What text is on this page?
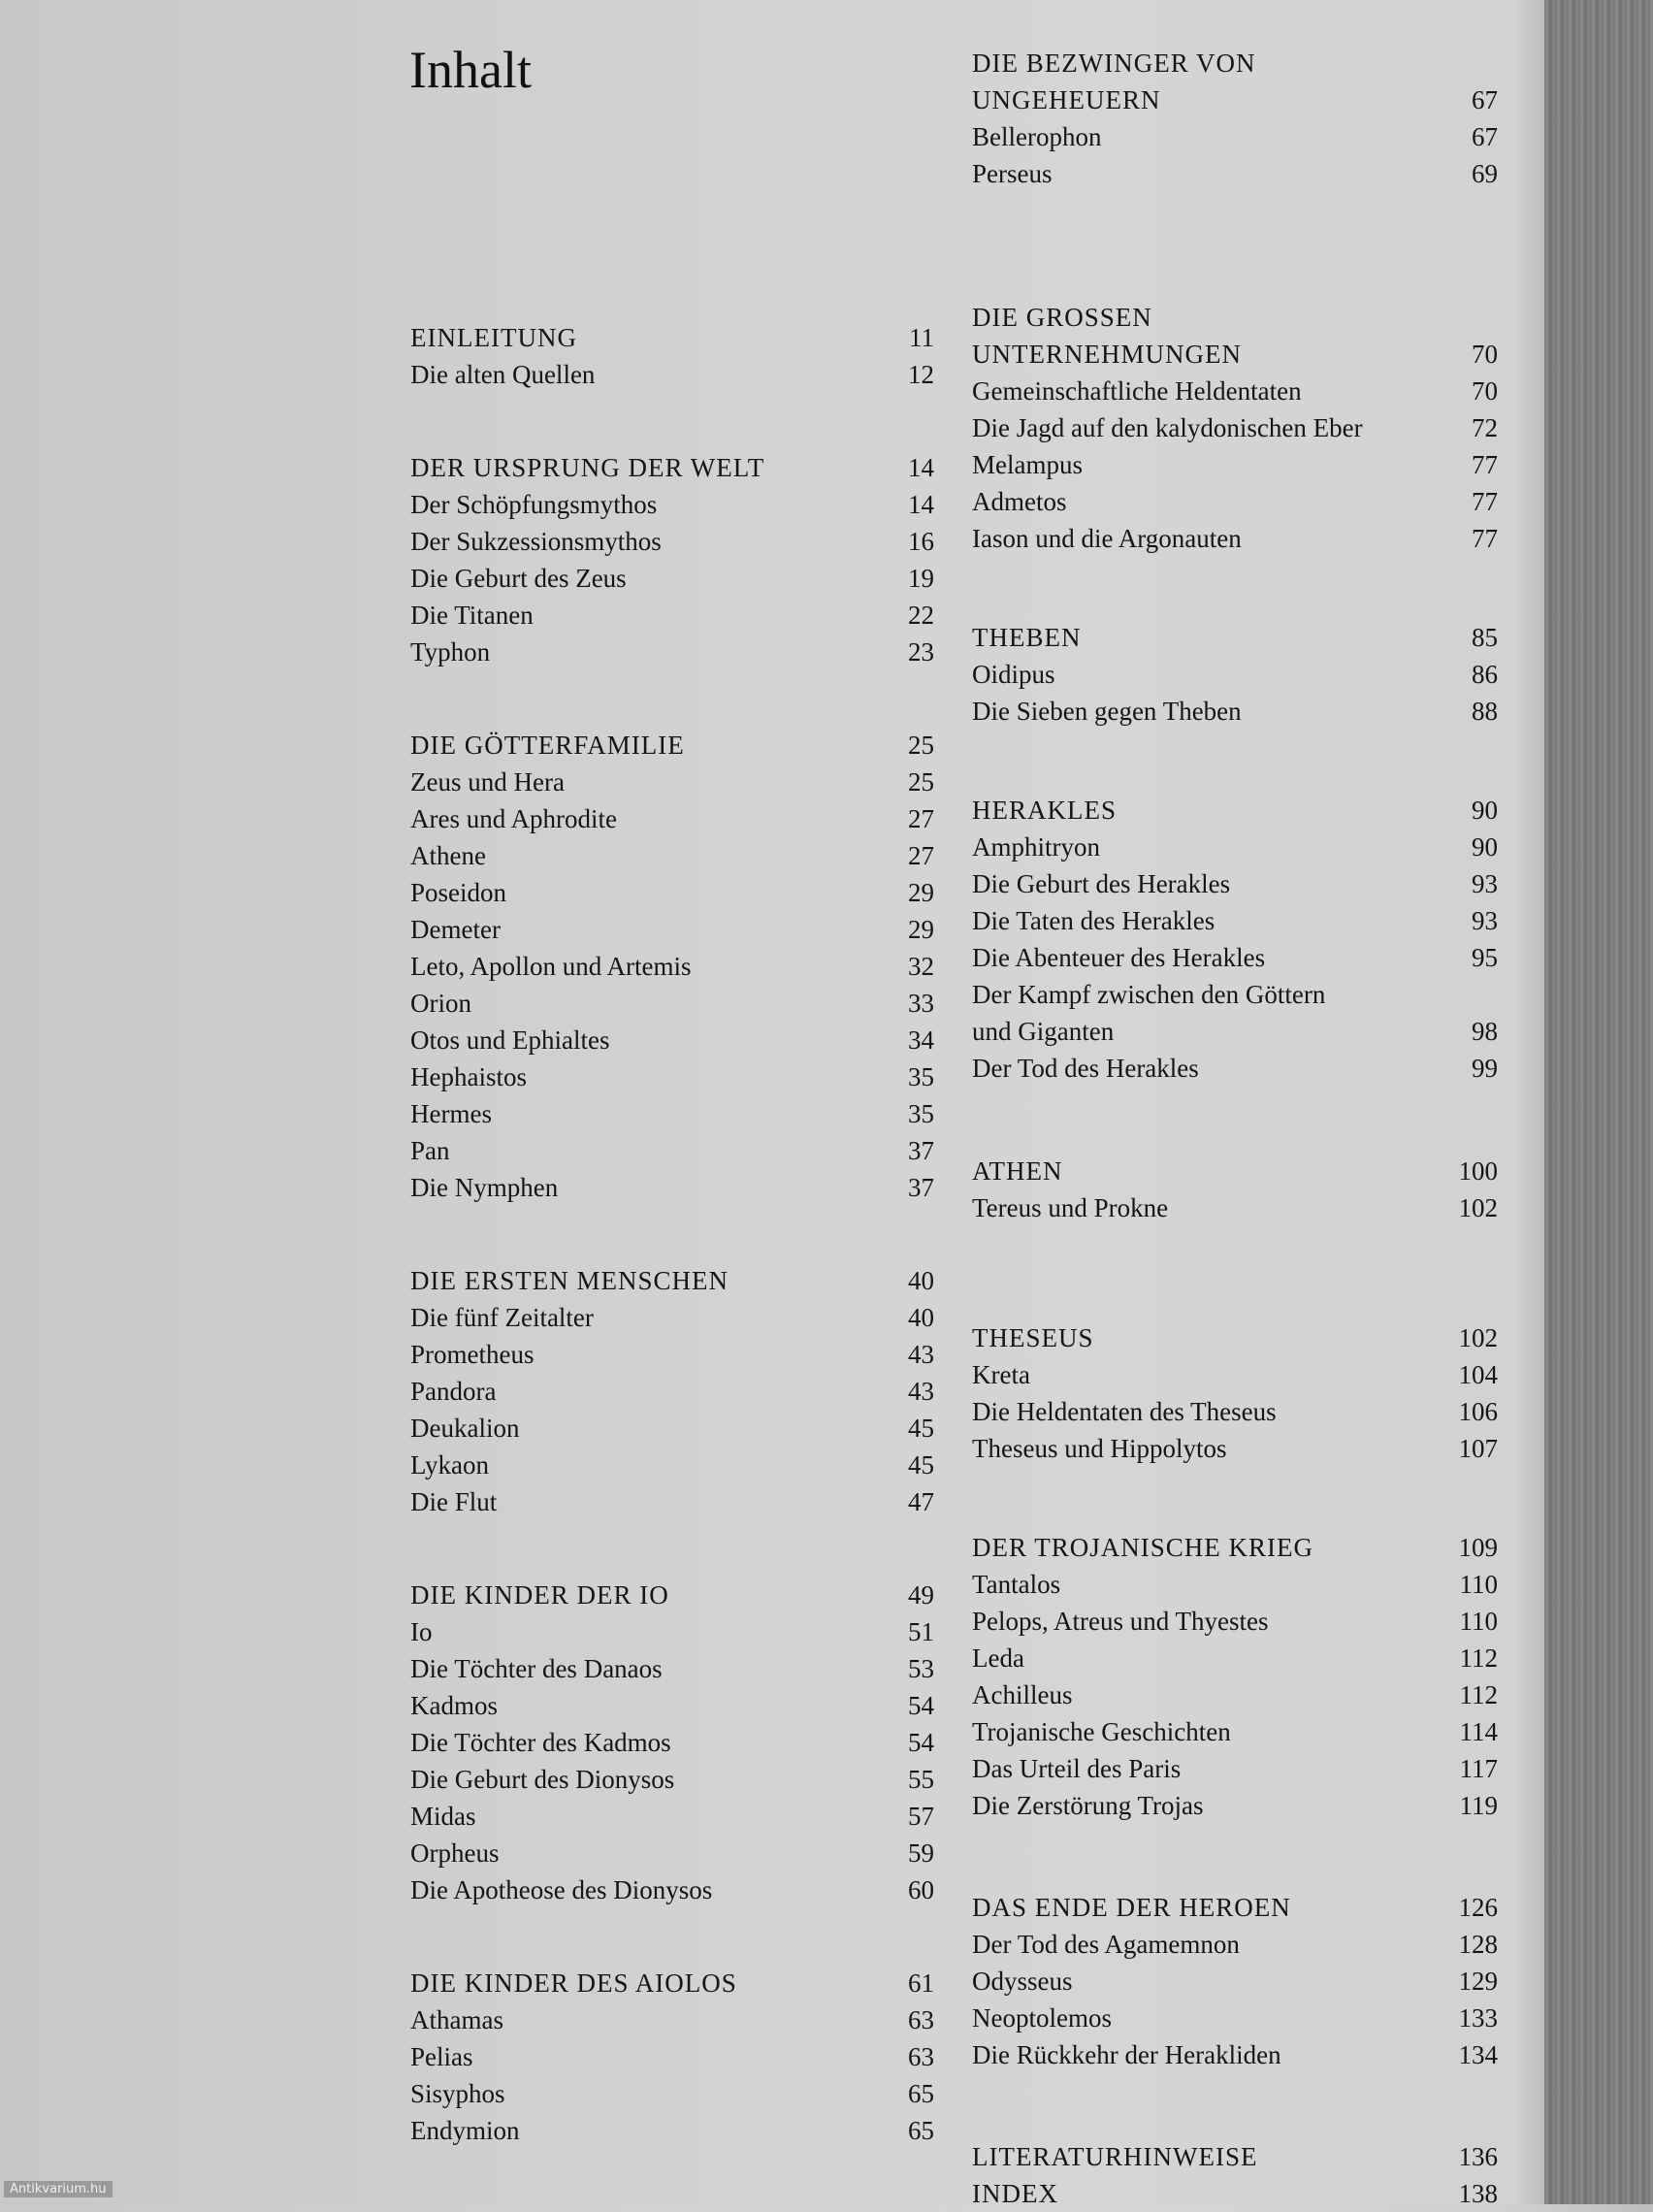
Inhalt
EINLEITUNG	11
Die alten Quellen	12
DER URSPRUNG DER WELT	14
Der Schöpfungsmythos	14
Der Sukzessionsmythos	16
Die Geburt des Zeus	19
Die Titanen	22
Typhon	23
DIE GÖTTERFAMILIE	25
Zeus und Hera	25
Ares und Aphrodite	27
Athene	27
Poseidon	29
Demeter	29
Leto, Apollon und Artemis	32
Orion	33
Otos und Ephialtes	34
Hephaistos	35
Hermes	35
Pan	37
Die Nymphen	37
DIE ERSTEN MENSCHEN	40
Die fünf Zeitalter	40
Prometheus	43
Pandora	43
Deukalion	45
Lykaon	45
Die Flut	47
DIE KINDER DER IO	49
Io	51
Die Töchter des Danaos	53
Kadmos	54
Die Töchter des Kadmos	54
Die Geburt des Dionysos	55
Midas	57
Orpheus	59
Die Apotheose des Dionysos	60
DIE KINDER DES AIOLOS	61
Athamas	63
Pelias	63
Sisyphos	65
Endymion	65
DIE BEZWINGER VON
UNGEHEUERN	67
Bellerophon	67
Perseus	69
DIE GROSSEN
UNTERNEHMUNGEN	70
Gemeinschaftliche Heldentaten	70
Die Jagd auf den kalydonischen Eber	72
Melampus	77
Admetos	77
Iason und die Argonauten	77
THEBEN	85
Oidipus	86
Die Sieben gegen Theben	88
HERAKLES	90
Amphitryon	90
Die Geburt des Herakles	93
Die Taten des Herakles	93
Die Abenteuer des Herakles	95
Der Kampf zwischen den Göttern
und Giganten	98
Der Tod des Herakles	99
ATHEN	100
Tereus und Prokne	102
THESEUS	102
Kreta	104
Die Heldentaten des Theseus	106
Theseus und Hippolytos	107
DER TROJANISCHE KRIEG	109
Tantalos	110
Pelops, Atreus und Thyestes	110
Leda	112
Achilleus	112
Trojanische Geschichten	114
Das Urteil des Paris	117
Die Zerstörung Trojas	119
DAS ENDE DER HEROEN	126
Der Tod des Agamemnon	128
Odysseus	129
Neoptolemos	133
Die Rückkehr der Herakliden	134
LITERATURHINWEISE	136
INDEX	138
Antikvarium.hu
